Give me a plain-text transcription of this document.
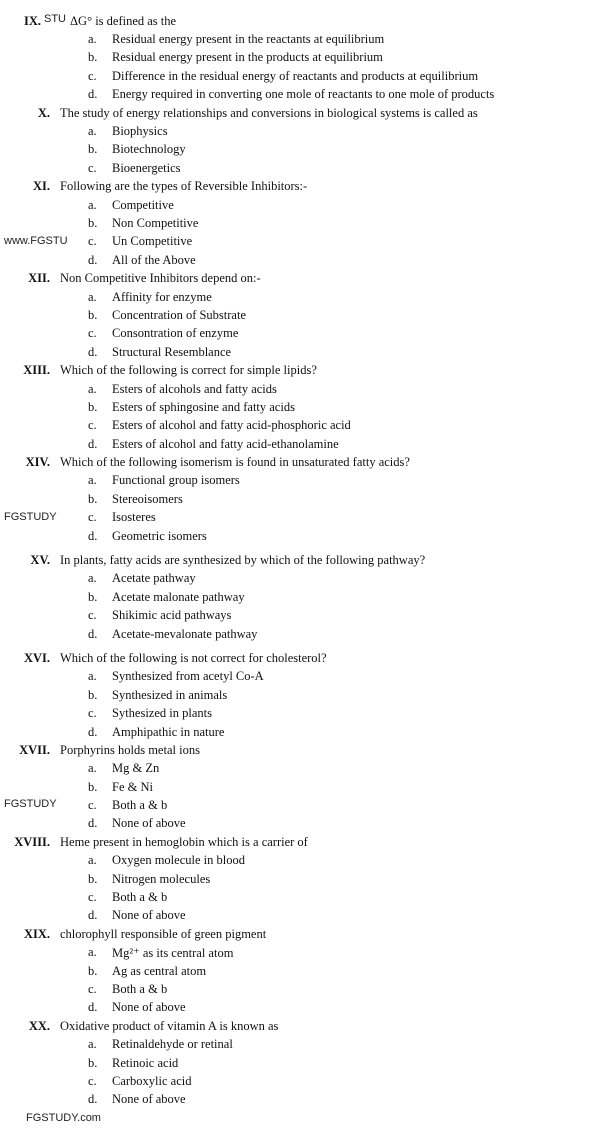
IX. STU ΔG° is defined as the
a.	Residual energy present in the reactants at equilibrium
b.	Residual energy present in the products at equilibrium
c.	Difference in the residual energy of reactants and products at equilibrium
d.	Energy required in converting one mole of reactants to one mole of products
X. The study of energy relationships and conversions in biological systems is called as
a.	Biophysics
b.	Biotechnology
c.	Bioenergetics
XI. Following are the types of Reversible Inhibitors:-
a.	Competitive
b.	Non Competitive
www.FGSTU c.	Un Competitive
d.	All of the Above
XII. Non Competitive Inhibitors depend on:-
a.	Affinity for enzyme
b.	Concentration of Substrate
c.	Consontration of enzyme
d.	Structural Resemblance
XIII. Which of the following is correct for simple lipids?
a.	Esters of alcohols and fatty acids
b.	Esters of sphingosine and fatty acids
c.	Esters of alcohol and fatty acid-phosphoric acid
d.	Esters of alcohol and fatty acid-ethanolamine
XIV. Which of the following isomerism is found in unsaturated fatty acids?
a.	Functional group isomers
b.	Stereoisomers
FGSTUDY	c.	Isosteres
d.	Geometric isomers
XV. In plants, fatty acids are synthesized by which of the following pathway?
a.	Acetate pathway
b.	Acetate malonate pathway
c.	Shikimic acid pathways
d.	Acetate-mevalonate pathway
XVI. Which of the following is not correct for cholesterol?
a.	Synthesized from acetyl Co-A
b.	Synthesized in animals
c.	Sythesized in plants
d.	Amphipathic in nature
XVII. Porphyrins holds metal ions
a.	Mg & Zn
b.	Fe & Ni
FGSTUDY	c.	Both a & b
d.	None of above
XVIII. Heme present in hemoglobin which is a carrier of
a.	Oxygen molecule in blood
b.	Nitrogen molecules
c.	Both a & b
d.	None of above
XIX. chlorophyll responsible of green pigment
a.	Mg²⁺ as its central atom
b.	Ag as central atom
c.	Both a & b
d.	None of above
XX. Oxidative product of vitamin A is known as
a.	Retinaldehyde or retinal
b.	Retinoic acid
c.	Carboxylic acid
d.	None of above
FGSTUDY.com
